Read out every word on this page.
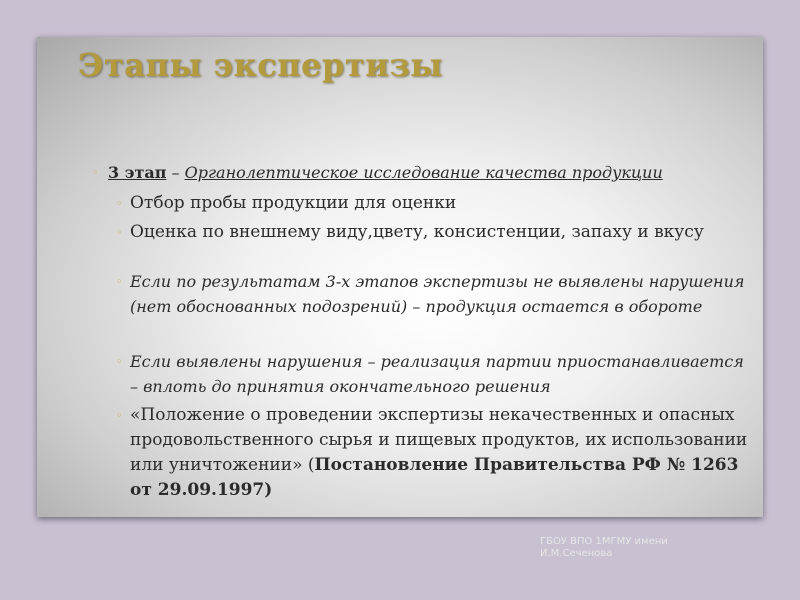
Этапы экспертизы
◦ 3 этап – Органолептическое исследование качества продукции
◦ Отбор пробы продукции для оценки
◦ Оценка по внешнему виду,цвету, консистенции, запаху и вкусу
◦ Если по результатам 3-х этапов экспертизы не выявлены нарушения (нет обоснованных подозрений) – продукция остается в обороте
◦ Если выявлены нарушения – реализация партии приостанавливается – вплоть до принятия окончательного решения
◦ «Положение о проведении экспертизы некачественных и опасных продовольственного сырья и пищевых продуктов, их использовании или уничтожении» (Постановление Правительства РФ № 1263 от 29.09.1997)
ГБОУ ВПО 1МГМУ имени И.М.Сеченова
